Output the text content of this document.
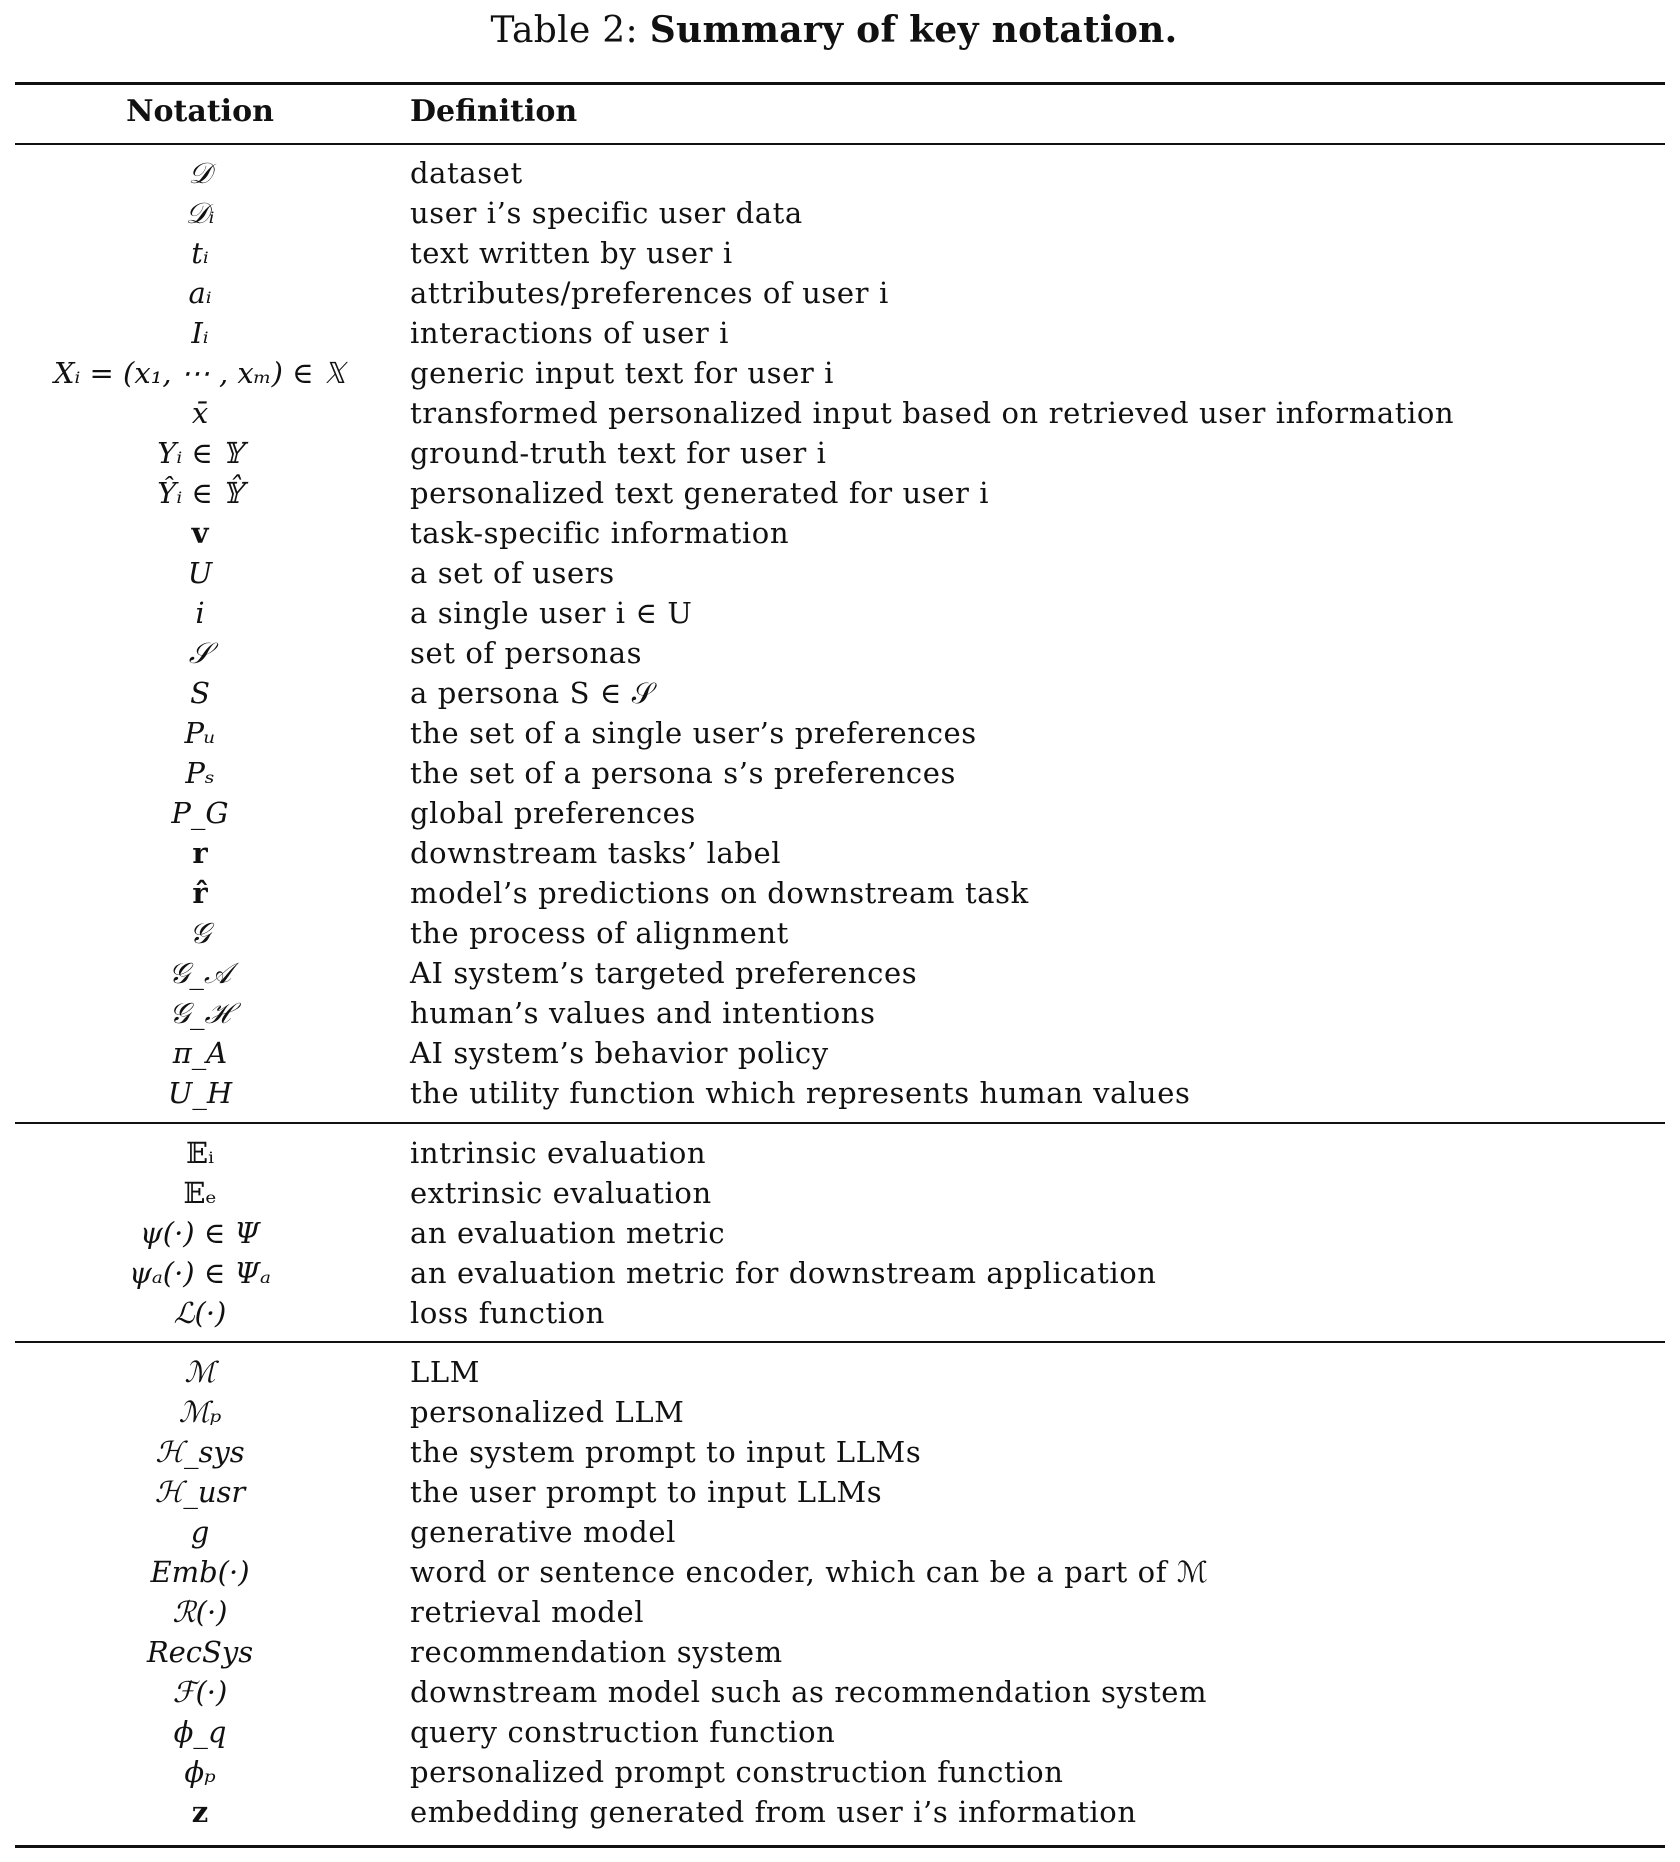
Table 2: Summary of key notation.
Notation	Definition
𝒟	dataset
𝒟ᵢ	user i’s specific user data
tᵢ	text written by user i
aᵢ	attributes/preferences of user i
Iᵢ	interactions of user i
Xᵢ = (x₁, ⋯ , xₘ) ∈ 𝕏	generic input text for user i
x̄	transformed personalized input based on retrieved user information
Yᵢ ∈ 𝕐	ground-truth text for user i
Ŷᵢ ∈ 𝕐̂	personalized text generated for user i
v	task-specific information
U	a set of users
i	a single user i ∈ U
𝒮	set of personas
S	a persona S ∈ 𝒮
Pᵤ	the set of a single user’s preferences
Pₛ	the set of a persona s’s preferences
P_G	global preferences
r	downstream tasks’ label
r̂	model’s predictions on downstream task
𝒢	the process of alignment
𝒢_𝒜	AI system’s targeted preferences
𝒢_ℋ	human’s values and intentions
π_A	AI system’s behavior policy
U_H	the utility function which represents human values
𝔼ᵢ	intrinsic evaluation
𝔼ₑ	extrinsic evaluation
ψ(·) ∈ Ψ	an evaluation metric
ψₐ(·) ∈ Ψₐ	an evaluation metric for downstream application
ℒ(·)	loss function
ℳ	LLM
ℳₚ	personalized LLM
ℋ_sys	the system prompt to input LLMs
ℋ_usr	the user prompt to input LLMs
g	generative model
Emb(·)	word or sentence encoder, which can be a part of ℳ
ℛ(·)	retrieval model
RecSys	recommendation system
ℱ(·)	downstream model such as recommendation system
ϕ_q	query construction function
ϕₚ	personalized prompt construction function
z	embedding generated from user i’s information
